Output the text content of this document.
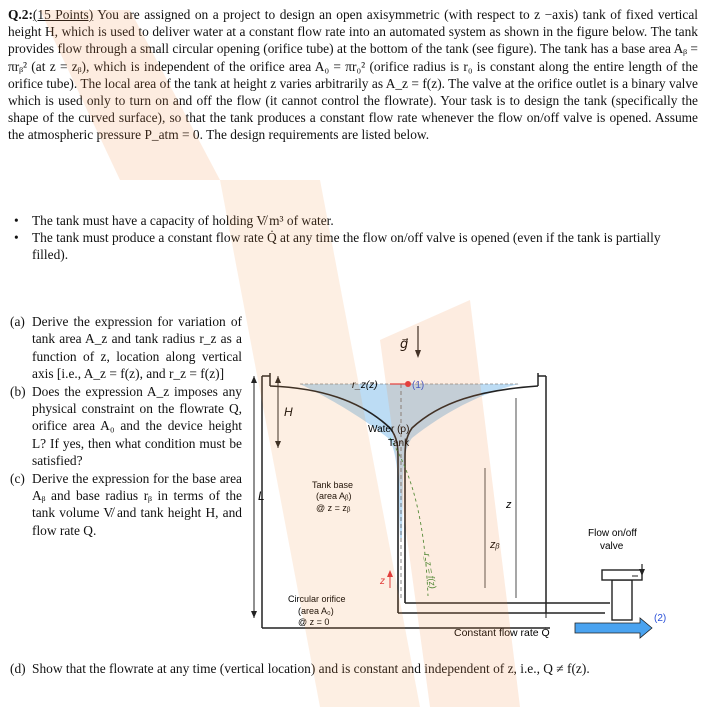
Q.2:(15 Points) You are assigned on a project to design an open axisymmetric (with respect to z −axis) tank of fixed vertical height H, which is used to deliver water at a constant flow rate into an automated system as shown in the figure below. The tank provides flow through a small circular opening (orifice tube) at the bottom of the tank (see figure). The tank has a base area Aᵦ = πrᵦ² (at z = zᵦ), which is independent of the orifice area A₀ = πr₀² (orifice radius is r₀ is constant along the entire length of the orifice tube). The local area of the tank at height z varies arbitrarily as A_z = f(z). The valve at the orifice outlet is a binary valve which is used only to turn on and off the flow (it cannot control the flowrate). Your task is to design the tank (specifically the shape of the curved surface), so that the tank produces a constant flow rate whenever the flow on/off valve is opened. Assume the atmospheric pressure P_atm = 0. The design requirements are listed below.

• The tank must have a capacity of holding V̸ m³ of water.
• The tank must produce a constant flow rate Q̇ at any time the flow on/off valve is opened (even if the tank is partially filled).
(a) Derive the expression for variation of tank area A_z and tank radius r_z as a function of z, location along vertical axis [i.e., A_z = f(z), and r_z = f(z)]
(b) Does the expression A_z imposes any physical constraint on the flowrate Q, orifice area A₀ and the device height L? If yes, then what condition must be satisfied?
(c) Derive the expression for the base area Aᵦ and base radius rᵦ in terms of the tank volume V̸ and tank height H, and flow rate Q.
g⃗
r_z(z)	(1)
Water (ρ)
Tank
H
L
Tank base
(area Aᵦ)
@ z = zᵦ
r_z = f(z)
z
zᵦ
z
Circular orifice
(area A₀)
@ z = 0
Flow on/off
valve
Constant flow rate Q̇
(2)
(d) Show that the flowrate at any time (vertical location) and is constant and independent of z, i.e., Q ≠ f(z).
